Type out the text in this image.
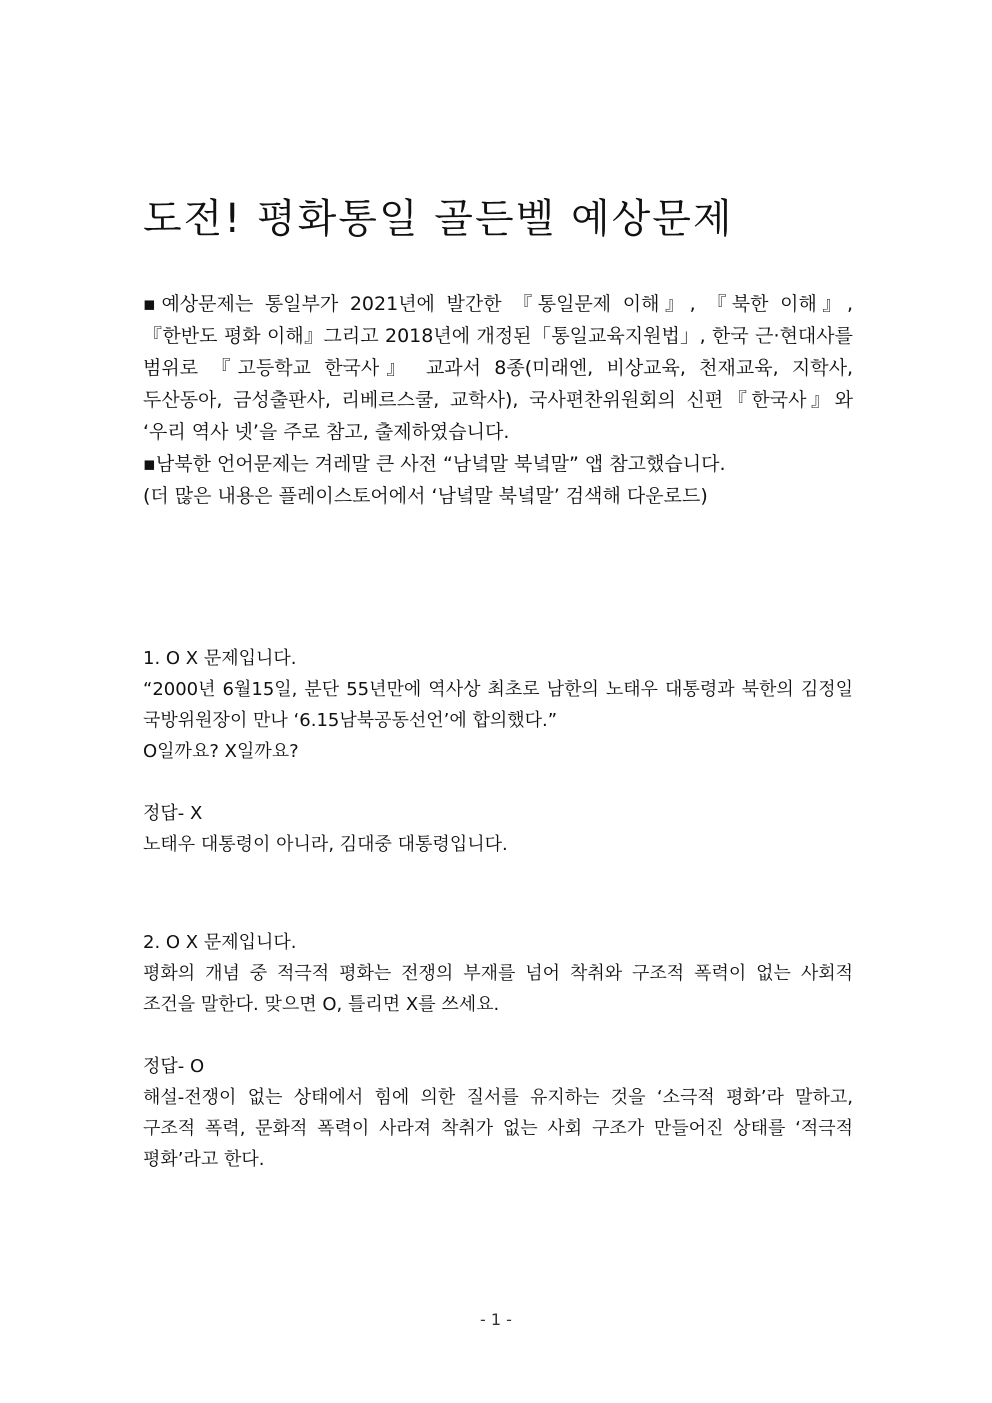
도전! 평화통일 골든벨 예상문제

▪예상문제는 통일부가 2021년에 발간한 『통일문제 이해』, 『북한 이해』, 『한반도 평화 이해』그리고 2018년에 개정된「통일교육지원법」, 한국 근·현대사를 범위로 『고등학교 한국사』 교과서 8종(미래엔, 비상교육, 천재교육, 지학사, 두산동아, 금성출판사, 리베르스쿨, 교학사), 국사편찬위원회의 신편『한국사』와 ‘우리 역사 넷’을 주로 참고, 출제하였습니다.

▪남북한 언어문제는 겨레말 큰 사전 “남녘말 북녘말” 앱 참고했습니다.

(더 많은 내용은 플레이스토어에서 ‘남녘말 북녘말’ 검색해 다운로드)

1. O X 문제입니다.

“2000년 6월15일, 분단 55년만에 역사상 최초로 남한의 노태우 대통령과 북한의 김정일 국방위원장이 만나 ‘6.15남북공동선언’에 합의했다.”

O일까요? X일까요?

정답- X

노태우 대통령이 아니라, 김대중 대통령입니다.

2. O X 문제입니다.

평화의 개념 중 적극적 평화는 전쟁의 부재를 넘어 착취와 구조적 폭력이 없는 사회적 조건을 말한다. 맞으면 O, 틀리면 X를 쓰세요.

정답- O

해설-전쟁이 없는 상태에서 힘에 의한 질서를 유지하는 것을 ‘소극적 평화’라 말하고, 구조적 폭력, 문화적 폭력이 사라져 착취가 없는 사회 구조가 만들어진 상태를 ‘적극적 평화’라고 한다.

- 1 -
